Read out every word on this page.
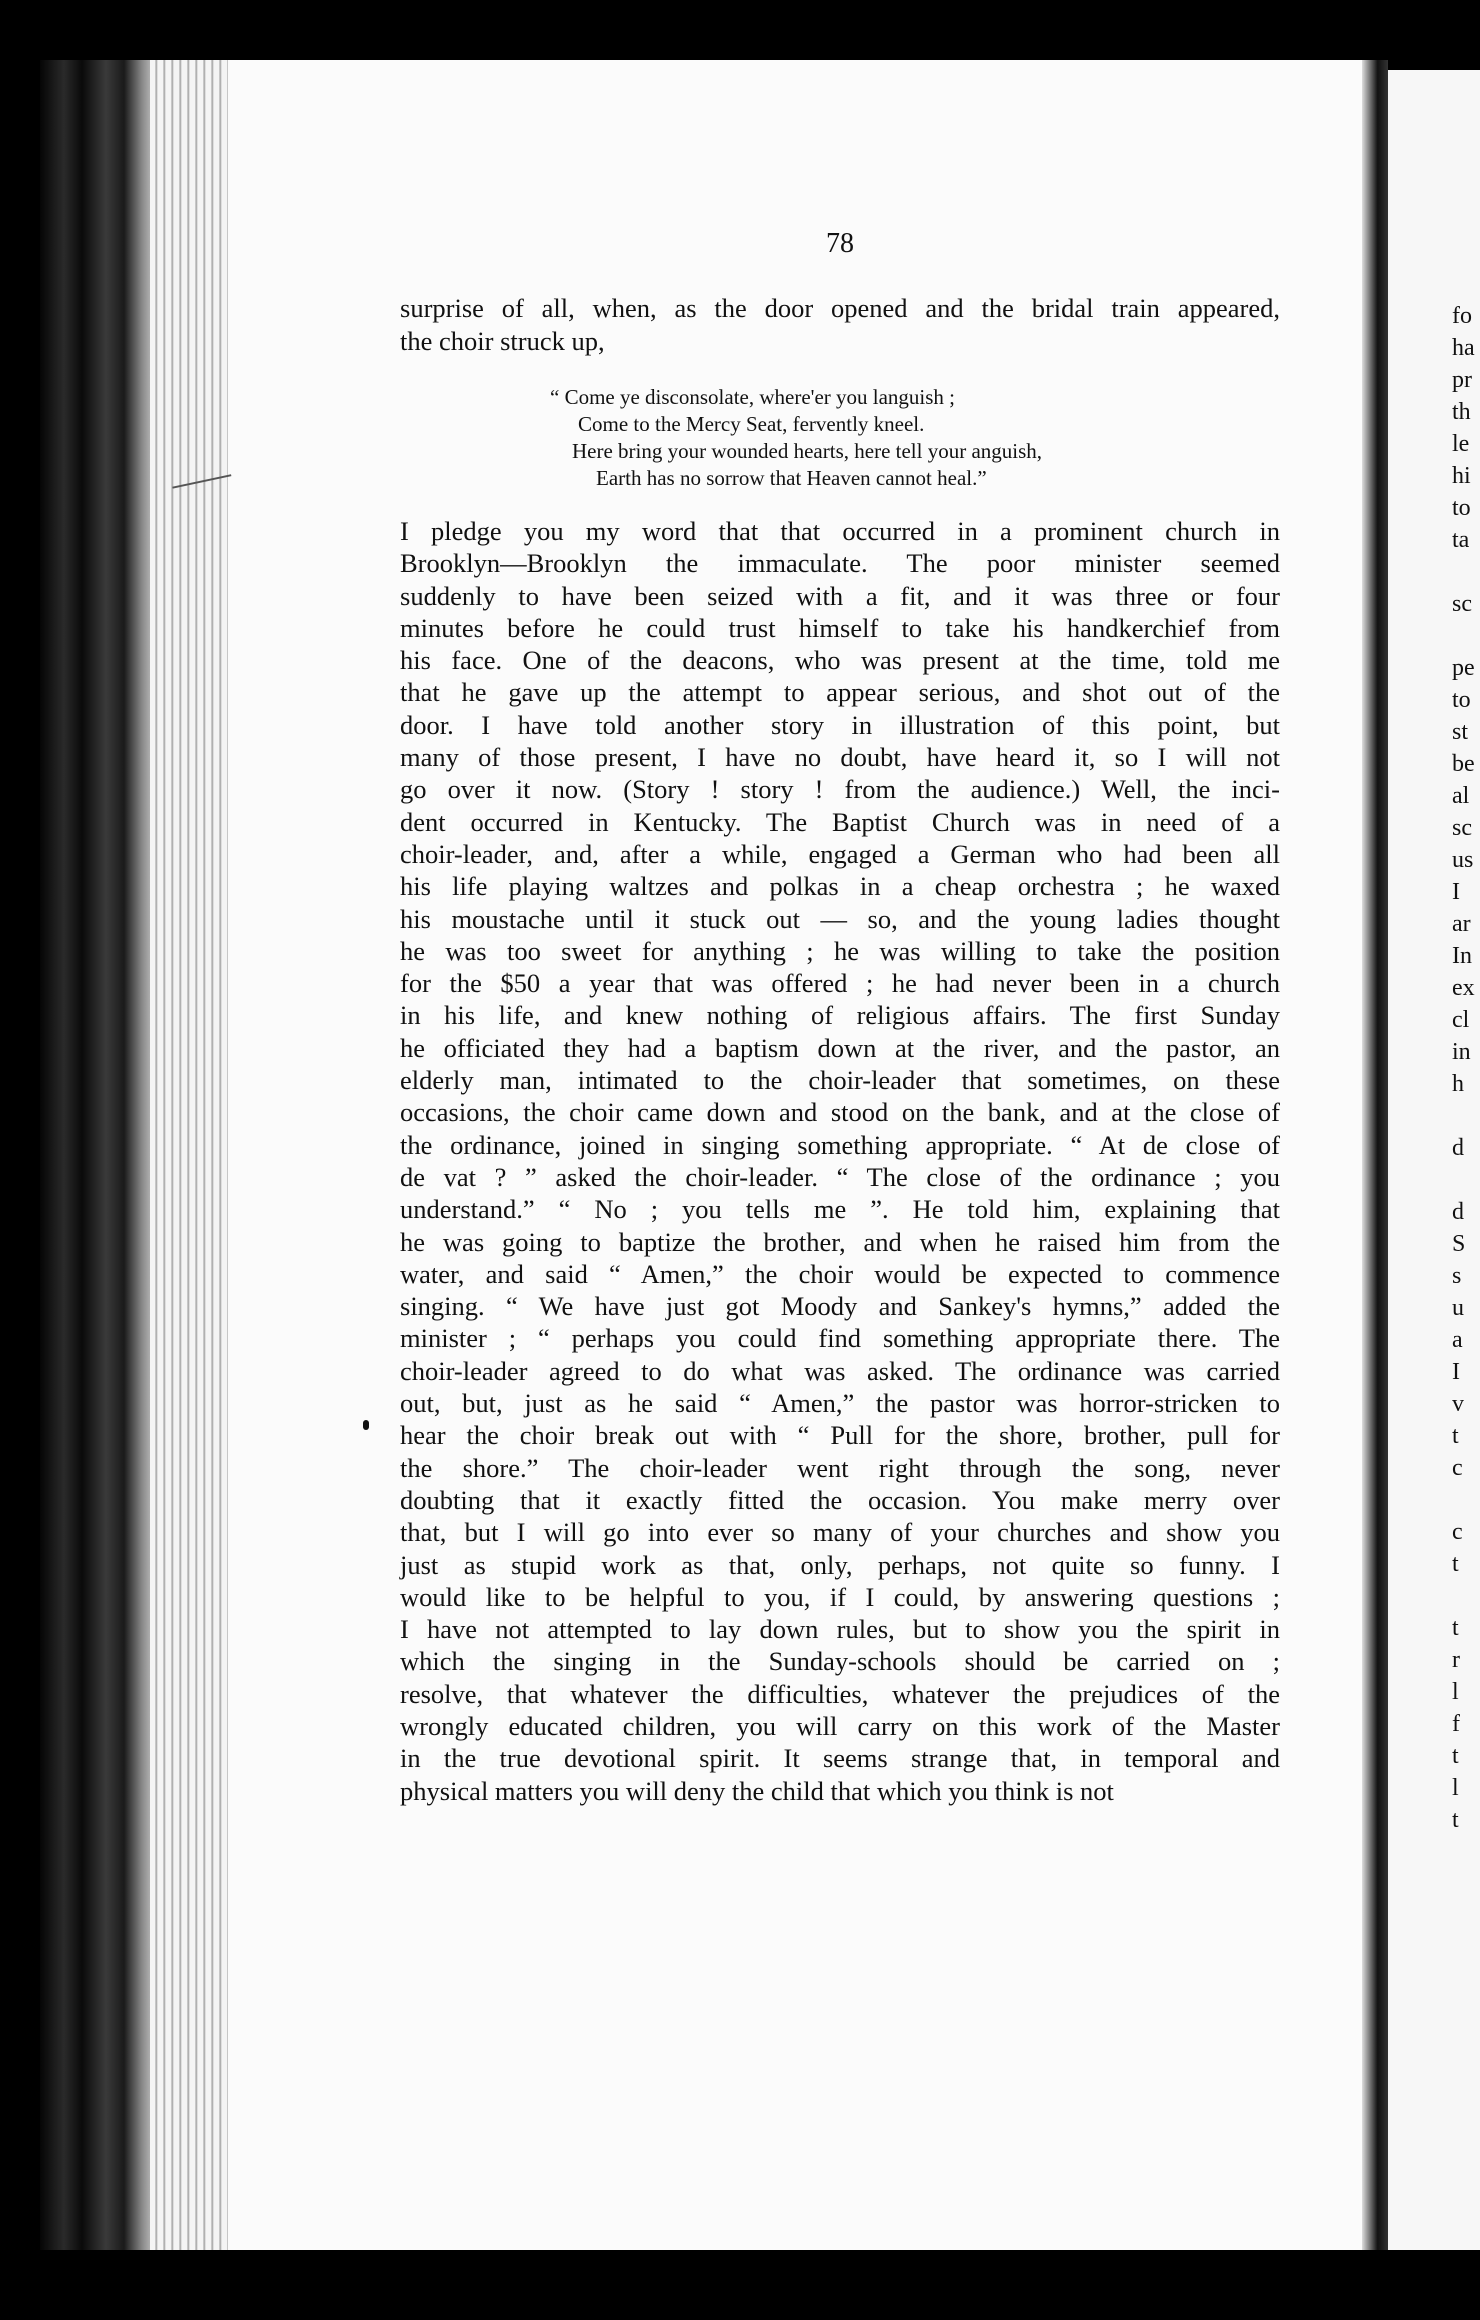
78
surprise of all, when, as the door opened and the bridal train appeared,
the choir struck up,
“ Come ye disconsolate, where'er you languish ;
Come to the Mercy Seat, fervently kneel.
Here bring your wounded hearts, here tell your anguish,
Earth has no sorrow that Heaven cannot heal.”
I pledge you my word that that occurred in a prominent church in
Brooklyn—Brooklyn the immaculate. The poor minister seemed
suddenly to have been seized with a fit, and it was three or four
minutes before he could trust himself to take his handkerchief from
his face. One of the deacons, who was present at the time, told me
that he gave up the attempt to appear serious, and shot out of the
door. I have told another story in illustration of this point, but
many of those present, I have no doubt, have heard it, so I will not
go over it now. (Story ! story ! from the audience.) Well, the inci-
dent occurred in Kentucky. The Baptist Church was in need of a
choir-leader, and, after a while, engaged a German who had been all
his life playing waltzes and polkas in a cheap orchestra ; he waxed
his moustache until it stuck out — so, and the young ladies thought
he was too sweet for anything ; he was willing to take the position
for the $50 a year that was offered ; he had never been in a church
in his life, and knew nothing of religious affairs. The first Sunday
he officiated they had a baptism down at the river, and the pastor, an
elderly man, intimated to the choir-leader that sometimes, on these
occasions, the choir came down and stood on the bank, and at the close of
the ordinance, joined in singing something appropriate. “ At de close of
de vat ? ” asked the choir-leader. “ The close of the ordinance ; you
understand.” “ No ; you tells me ”. He told him, explaining that
he was going to baptize the brother, and when he raised him from the
water, and said “ Amen,” the choir would be expected to commence
singing. “ We have just got Moody and Sankey's hymns,” added the
minister ; “ perhaps you could find something appropriate there. The
choir-leader agreed to do what was asked. The ordinance was carried
out, but, just as he said “ Amen,” the pastor was horror-stricken to
hear the choir break out with “ Pull for the shore, brother, pull for
the shore.” The choir-leader went right through the song, never
doubting that it exactly fitted the occasion. You make merry over
that, but I will go into ever so many of your churches and show you
just as stupid work as that, only, perhaps, not quite so funny. I
would like to be helpful to you, if I could, by answering questions ;
I have not attempted to lay down rules, but to show you the spirit in
which the singing in the Sunday-schools should be carried on ;
resolve, that whatever the difficulties, whatever the prejudices of the
wrongly educated children, you will carry on this work of the Master
in the true devotional spirit. It seems strange that, in temporal and
physical matters you will deny the child that which you think is not
fo
ha
pr
th
le
hi
to
ta

sc

pe
to
st
be
al
sc
us
I
ar
In
ex
cl
in
h

d

d
S
s
u
a
I
v
t
c

c
t

t
r
l
f
t
l
t
